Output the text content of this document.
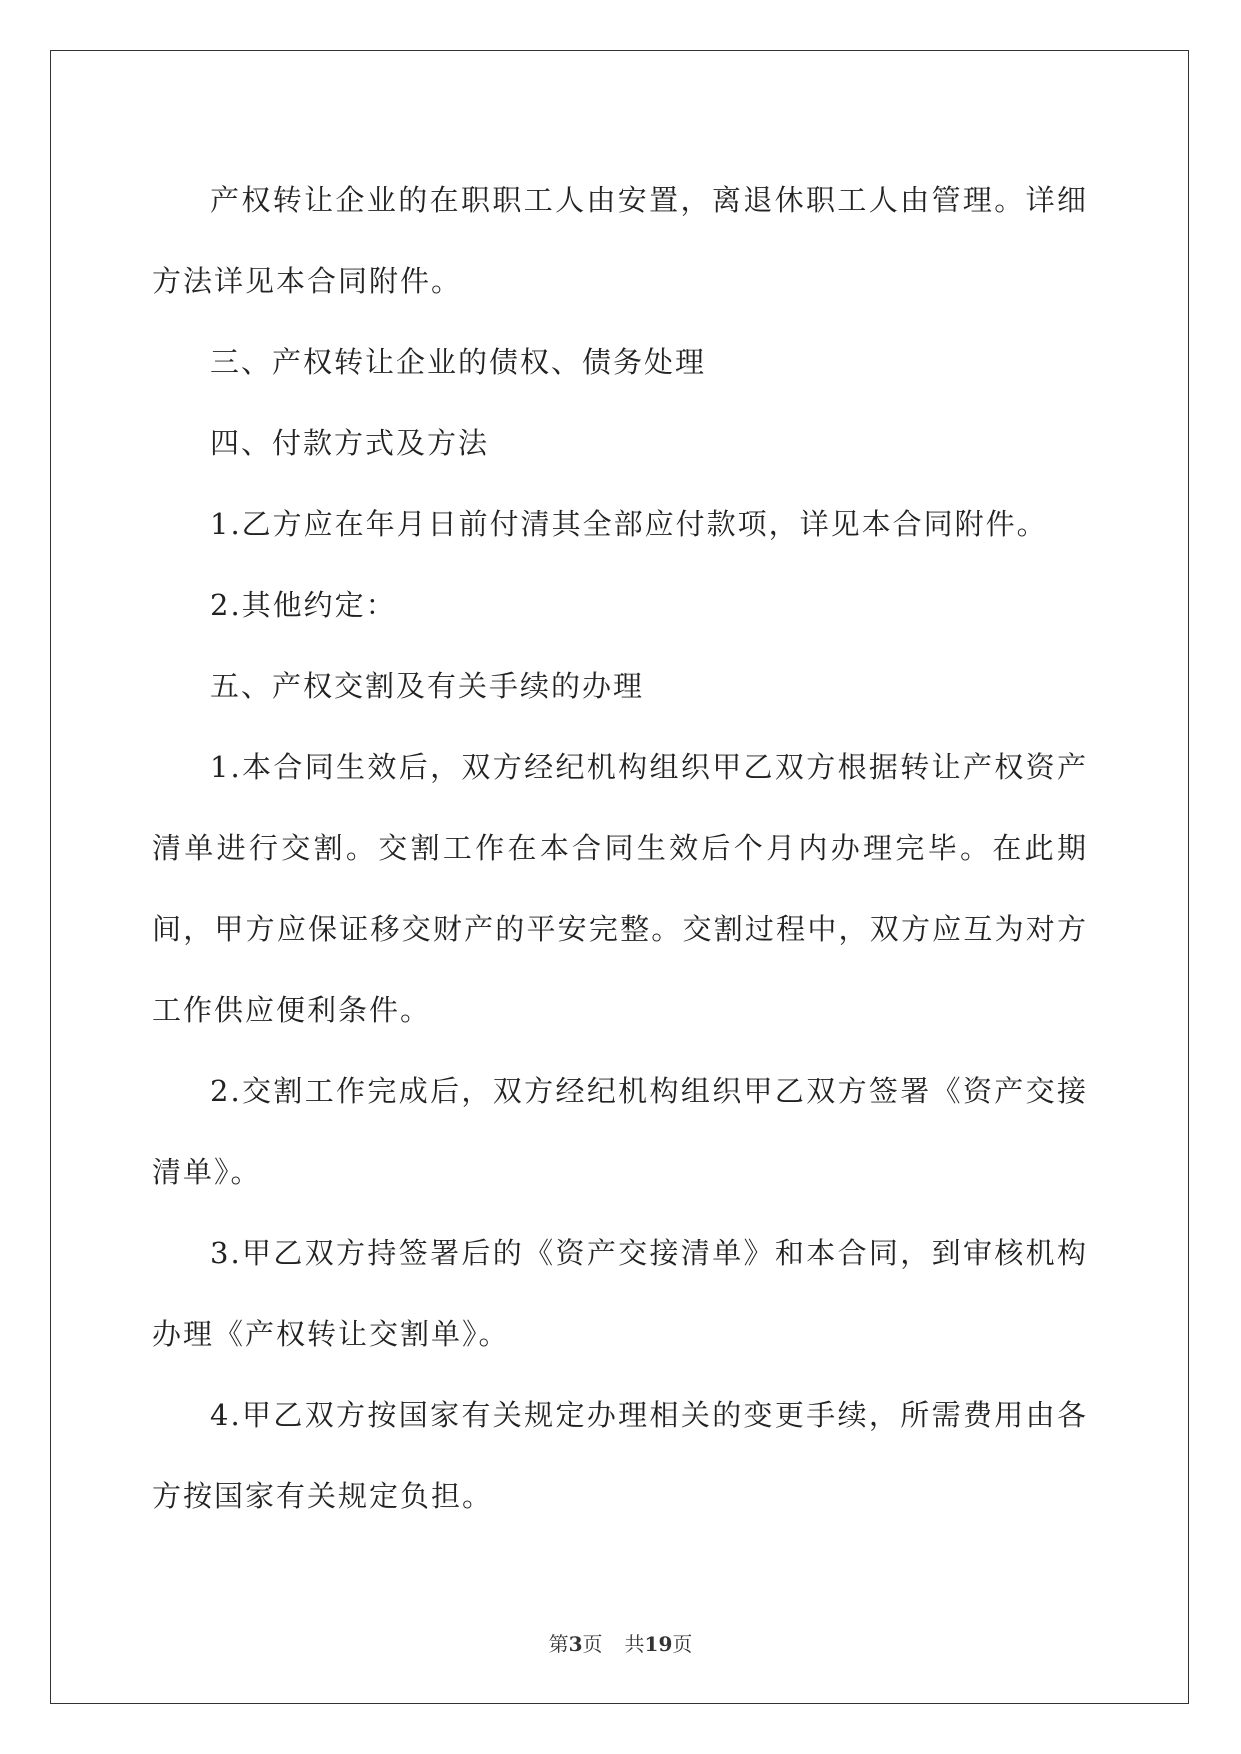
产权转让企业的在职职工人由安置，离退休职工人由管理。详细方法详见本合同附件。

三、产权转让企业的债权、债务处理

四、付款方式及方法

1.乙方应在年月日前付清其全部应付款项，详见本合同附件。

2.其他约定：

五、产权交割及有关手续的办理

1.本合同生效后，双方经纪机构组织甲乙双方根据转让产权资产清单进行交割。交割工作在本合同生效后个月内办理完毕。在此期间，甲方应保证移交财产的平安完整。交割过程中，双方应互为对方工作供应便利条件。

2.交割工作完成后，双方经纪机构组织甲乙双方签署《资产交接清单》。

3.甲乙双方持签署后的《资产交接清单》和本合同，到审核机构办理《产权转让交割单》。

4.甲乙双方按国家有关规定办理相关的变更手续，所需费用由各方按国家有关规定负担。

第3页 共19页
